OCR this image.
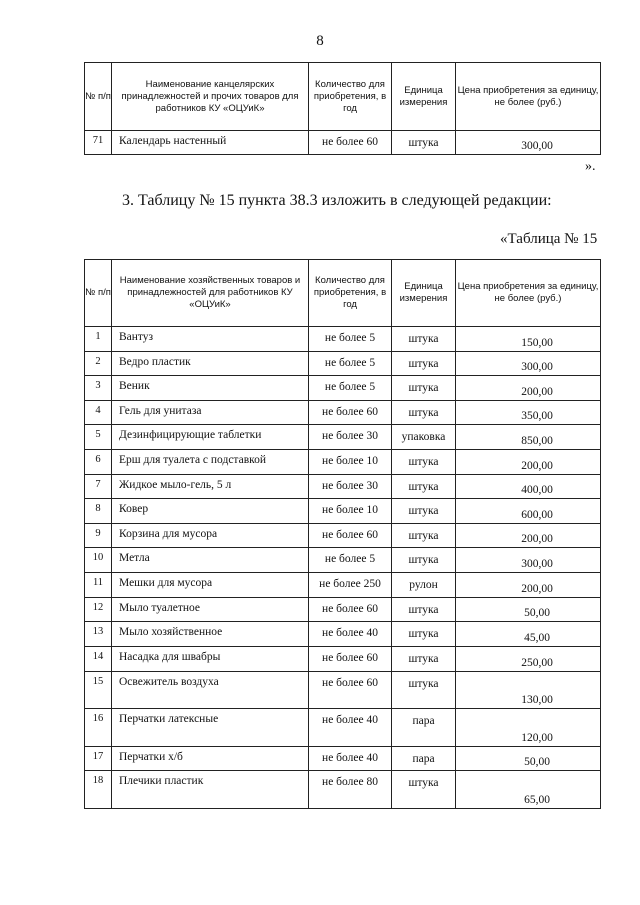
8
№ п/п	Наименование канцелярских принадлежностей и прочих товаров для работников КУ «ОЦУиК»	Количество для приобретения, в год	Единица измерения	Цена приобретения за единицу, не более (руб.)
71	Календарь настенный	не более 60	штука	300,00
».
3. Таблицу № 15 пункта 38.3 изложить в следующей редакции:
«Таблица № 15
№ п/п	Наименование хозяйственных товаров и принадлежностей для работников КУ «ОЦУиК»	Количество для приобретения, в год	Единица измерения	Цена приобретения за единицу, не более (руб.)
1	Вантуз	не более 5	штука	150,00
2	Ведро пластик	не более 5	штука	300,00
3	Веник	не более 5	штука	200,00
4	Гель для унитаза	не более 60	штука	350,00
5	Дезинфицирующие таблетки	не более 30	упаковка	850,00
6	Ерш для туалета с подставкой	не более 10	штука	200,00
7	Жидкое мыло-гель, 5 л	не более 30	штука	400,00
8	Ковер	не более 10	штука	600,00
9	Корзина для мусора	не более 60	штука	200,00
10	Метла	не более 5	штука	300,00
11	Мешки для мусора	не более 250	рулон	200,00
12	Мыло туалетное	не более 60	штука	50,00
13	Мыло хозяйственное	не более 40	штука	45,00
14	Насадка для швабры	не более 60	штука	250,00
15	Освежитель воздуха	не более 60	штука	130,00
16	Перчатки латексные	не более 40	пара	120,00
17	Перчатки х/б	не более 40	пара	50,00
18	Плечики пластик	не более 80	штука	65,00
